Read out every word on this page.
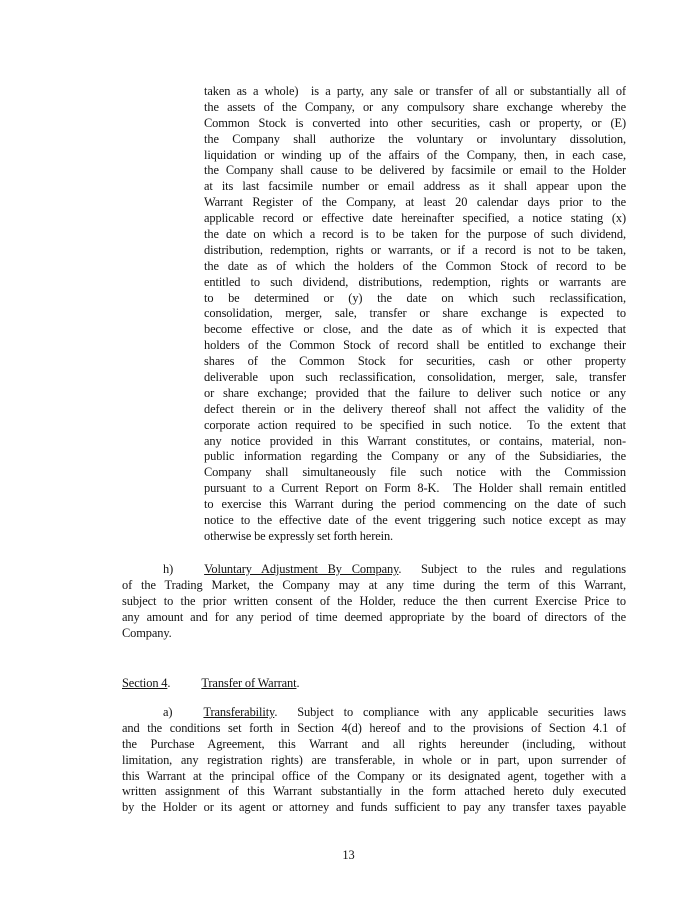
taken as a whole)  is a party, any sale or transfer of all or substantially all of
the assets of the Company, or any compulsory share exchange whereby the
Common Stock is converted into other securities, cash or property, or (E)
the Company shall authorize the voluntary or involuntary dissolution,
liquidation or winding up of the affairs of the Company, then, in each case,
the Company shall cause to be delivered by facsimile or email to the Holder
at its last facsimile number or email address as it shall appear upon the
Warrant Register of the Company, at least 20 calendar days prior to the
applicable record or effective date hereinafter specified, a notice stating (x)
the date on which a record is to be taken for the purpose of such dividend,
distribution, redemption, rights or warrants, or if a record is not to be taken,
the date as of which the holders of the Common Stock of record to be
entitled to such dividend, distributions, redemption, rights or warrants are
to be determined or (y) the date on which such reclassification,
consolidation, merger, sale, transfer or share exchange is expected to
become effective or close, and the date as of which it is expected that
holders of the Common Stock of record shall be entitled to exchange their
shares of the Common Stock for securities, cash or other property
deliverable upon such reclassification, consolidation, merger, sale, transfer
or share exchange; provided that the failure to deliver such notice or any
defect therein or in the delivery thereof shall not affect the validity of the
corporate action required to be specified in such notice.  To the extent that
any notice provided in this Warrant constitutes, or contains, material, non-
public information regarding the Company or any of the Subsidiaries, the
Company shall simultaneously file such notice with the Commission
pursuant to a Current Report on Form 8-K.  The Holder shall remain entitled
to exercise this Warrant during the period commencing on the date of such
notice to the effective date of the event triggering such notice except as may
otherwise be expressly set forth herein.
h)	Voluntary Adjustment By Company.  Subject to the rules and regulations
of the Trading Market, the Company may at any time during the term of this Warrant,
subject to the prior written consent of the Holder, reduce the then current Exercise Price to
any amount and for any period of time deemed appropriate by the board of directors of the
Company.
Section 4.	Transfer of Warrant.
a)	Transferability.  Subject to compliance with any applicable securities laws
and the conditions set forth in Section 4(d) hereof and to the provisions of Section 4.1 of
the Purchase Agreement, this Warrant and all rights hereunder (including, without
limitation, any registration rights) are transferable, in whole or in part, upon surrender of
this Warrant at the principal office of the Company or its designated agent, together with a
written assignment of this Warrant substantially in the form attached hereto duly executed
by the Holder or its agent or attorney and funds sufficient to pay any transfer taxes payable
13
